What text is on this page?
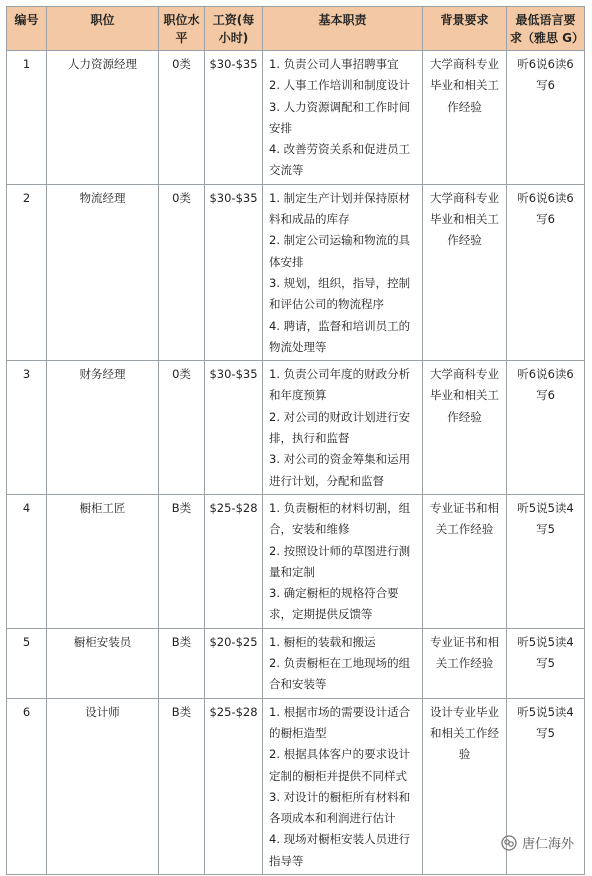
编号	职位	职位水平	工资(每小时)	基本职责	背景要求	最低语言要求（雅思 G）
1	人力资源经理	0类	$30-$35	1. 负责公司人事招聘事宜
2. 人事工作培训和制度设计
3. 人力资源调配和工作时间安排
4. 改善劳资关系和促进员工交流等	大学商科专业毕业和相关工作经验	听6说6读6写6
2	物流经理	0类	$30-$35	1. 制定生产计划并保持原材料和成品的库存
2. 制定公司运输和物流的具体安排
3. 规划，组织，指导，控制和评估公司的物流程序
4. 聘请，监督和培训员工的物流处理等	大学商科专业毕业和相关工作经验	听6说6读6写6
3	财务经理	0类	$30-$35	1. 负责公司年度的财政分析和年度预算
2. 对公司的财政计划进行安排，执行和监督
3. 对公司的资金筹集和运用进行计划，分配和监督	大学商科专业毕业和相关工作经验	听6说6读6写6
4	橱柜工匠	B类	$25-$28	1. 负责橱柜的材料切割，组合，安装和维修
2. 按照设计师的草图进行测量和定制
3. 确定橱柜的规格符合要求，定期提供反馈等	专业证书和相关工作经验	听5说5读4写5
5	橱柜安装员	B类	$20-$25	1. 橱柜的装载和搬运
2. 负责橱柜在工地现场的组合和安装等	专业证书和相关工作经验	听5说5读4写5
6	设计师	B类	$25-$28	1. 根据市场的需要设计适合的橱柜造型
2. 根据具体客户的要求设计定制的橱柜并提供不同样式
3. 对设计的橱柜所有材料和各项成本和利润进行估计
4. 现场对橱柜安装人员进行指导等	设计专业毕业和相关工作经验	听5说5读4写5
唐仁海外
